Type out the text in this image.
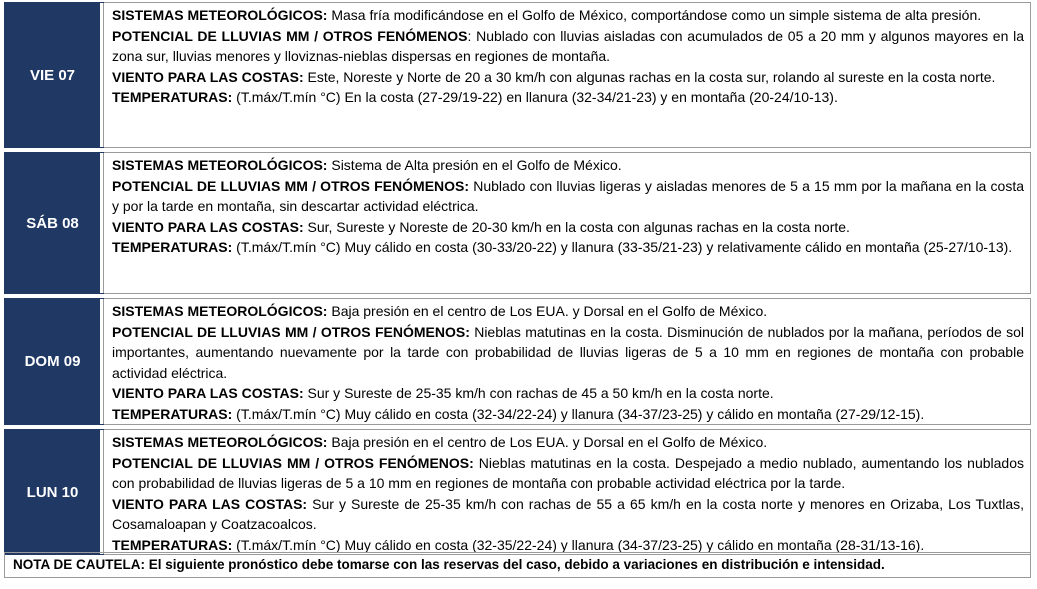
VIE 07

SISTEMAS METEOROLÓGICOS: Masa fría modificándose en el Golfo de México, comportándose como un simple sistema de alta presión.

POTENCIAL DE LLUVIAS MM / OTROS FENÓMENOS: Nublado con lluvias aisladas con acumulados de 05 a 20 mm y algunos mayores en la zona sur, lluvias menores y lloviznas-nieblas dispersas en regiones de montaña.

VIENTO PARA LAS COSTAS: Este, Noreste y Norte de 20 a 30 km/h con algunas rachas en la costa sur, rolando al sureste en la costa norte.

TEMPERATURAS: (T.máx/T.mín °C) En la costa (27-29/19-22) en llanura (32-34/21-23) y en montaña (20-24/10-13).

SÁB 08

SISTEMAS METEOROLÓGICOS: Sistema de Alta presión en el Golfo de México.

POTENCIAL DE LLUVIAS MM / OTROS FENÓMENOS: Nublado con lluvias ligeras y aisladas menores de 5 a 15 mm por la mañana en la costa y por la tarde en montaña, sin descartar actividad eléctrica.

VIENTO PARA LAS COSTAS: Sur, Sureste y Noreste de 20-30 km/h en la costa con algunas rachas en la costa norte.

TEMPERATURAS: (T.máx/T.mín °C) Muy cálido en costa (30-33/20-22) y llanura (33-35/21-23) y relativamente cálido en montaña (25-27/10-13).

DOM 09

SISTEMAS METEOROLÓGICOS: Baja presión en el centro de Los EUA. y Dorsal en el Golfo de México.

POTENCIAL DE LLUVIAS MM / OTROS FENÓMENOS: Nieblas matutinas en la costa. Disminución de nublados por la mañana, períodos de sol importantes, aumentando nuevamente por la tarde con probabilidad de lluvias ligeras de 5 a 10 mm en regiones de montaña con probable actividad eléctrica.

VIENTO PARA LAS COSTAS: Sur y Sureste de 25-35 km/h con rachas de 45 a 50 km/h en la costa norte.

TEMPERATURAS: (T.máx/T.mín °C) Muy cálido en costa (32-34/22-24) y llanura (34-37/23-25) y cálido en montaña (27-29/12-15).

LUN 10

SISTEMAS METEOROLÓGICOS: Baja presión en el centro de Los EUA. y Dorsal en el Golfo de México.

POTENCIAL DE LLUVIAS MM / OTROS FENÓMENOS: Nieblas matutinas en la costa. Despejado a medio nublado, aumentando los nublados con probabilidad de lluvias ligeras de 5 a 10 mm en regiones de montaña con probable actividad eléctrica por la tarde.

VIENTO PARA LAS COSTAS: Sur y Sureste de 25-35 km/h con rachas de 55 a 65 km/h en la costa norte y menores en Orizaba, Los Tuxtlas, Cosamaloapan y Coatzacoalcos.

TEMPERATURAS: (T.máx/T.mín °C) Muy cálido en costa (32-35/22-24) y llanura (34-37/23-25) y cálido en montaña (28-31/13-16).

NOTA DE CAUTELA: El siguiente pronóstico debe tomarse con las reservas del caso, debido a variaciones en distribución e intensidad.
